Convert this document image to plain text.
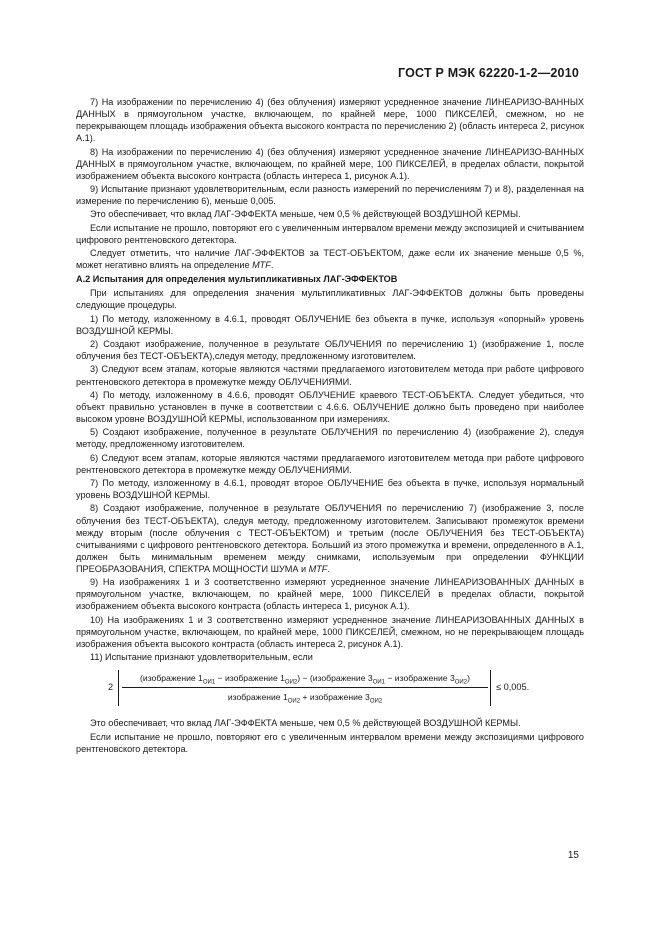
ГОСТ Р МЭК 62220-1-2—2010

7) На изображении по перечислению 4) (без облучения) измеряют усредненное значение ЛИНЕАРИЗО-ВАННЫХ ДАННЫХ в прямоугольном участке, включающем, по крайней мере, 1000 ПИКСЕЛЕЙ, смежном, но не перекрывающем площадь изображения объекта высокого контраста по перечислению 2) (область интереса 2, рисунок А.1).

8) На изображении по перечислению 4) (без облучения) измеряют усредненное значение ЛИНЕАРИЗО-ВАННЫХ ДАННЫХ в прямоугольном участке, включающем, по крайней мере, 100 ПИКСЕЛЕЙ, в пределах области, покрытой изображением объекта высокого контраста (область интереса 1, рисунок А.1).

9) Испытание признают удовлетворительным, если разность измерений по перечислениям 7) и 8), разделенная на измерение по перечислению 6), меньше 0,005.

Это обеспечивает, что вклад ЛАГ-ЭФФЕКТА меньше, чем 0,5 % действующей ВОЗДУШНОЙ КЕРМЫ.

Если испытание не прошло, повторяют его с увеличенным интервалом времени между экспозицией и считыванием цифрового рентгеновского детектора.

Следует отметить, что наличие ЛАГ-ЭФФЕКТОВ за ТЕСТ-ОБЪЕКТОМ, даже если их значение меньше 0,5 %, может негативно влиять на определение MTF.

А.2 Испытания для определения мультипликативных ЛАГ-ЭФФЕКТОВ

При испытаниях для определения значения мультипликативных ЛАГ-ЭФФЕКТОВ должны быть проведены следующие процедуры.

1) По методу, изложенному в 4.6.1, проводят ОБЛУЧЕНИЕ без объекта в пучке, используя «опорный» уровень ВОЗДУШНОЙ КЕРМЫ.

2) Создают изображение, полученное в результате ОБЛУЧЕНИЯ по перечислению 1) (изображение 1, после облучения без ТЕСТ-ОБЪЕКТА),следуя методу, предложенному изготовителем.

3) Следуют всем этапам, которые являются частями предлагаемого изготовителем метода при работе цифрового рентгеновского детектора в промежутке между ОБЛУЧЕНИЯМИ.

4) По методу, изложенному в 4.6.6, проводят ОБЛУЧЕНИЕ краевого ТЕСТ-ОБЪЕКТА. Следует убедиться, что объект правильно установлен в пучке в соответствии с 4.6.6. ОБЛУЧЕНИЕ должно быть проведено при наиболее высоком уровне ВОЗДУШНОЙ КЕРМЫ, использованном при измерениях.

5) Создают изображение, полученное в результате ОБЛУЧЕНИЯ по перечислению 4) (изображение 2), следуя методу, предложенному изготовителем.

6) Следуют всем этапам, которые являются частями предлагаемого изготовителем метода при работе цифрового рентгеновского детектора в промежутке между ОБЛУЧЕНИЯМИ.

7) По методу, изложенному в 4.6.1, проводят второе ОБЛУЧЕНИЕ без объекта в пучке, используя нормальный уровень ВОЗДУШНОЙ КЕРМЫ.

8) Создают изображение, полученное в результате ОБЛУЧЕНИЯ по перечислению 7) (изображение 3, после облучения без ТЕСТ-ОБЪЕКТА), следуя методу, предложенному изготовителем. Записывают промежуток времени между вторым (после облучения с ТЕСТ-ОБЪЕКТОМ) и третьим (после ОБЛУЧЕНИЯ без ТЕСТ-ОБЪЕКТА) считываниями с цифрового рентгеновского детектора. Больший из этого промежутка и времени, определенного в А.1, должен быть минимальным временем между снимками, используемым при определении ФУНКЦИИ ПРЕОБРАЗОВАНИЯ, СПЕКТРА МОЩНОСТИ ШУМА и MTF.

9) На изображениях 1 и 3 соответственно измеряют усредненное значение ЛИНЕАРИЗОВАННЫХ ДАННЫХ в прямоугольном участке, включающем, по крайней мере, 1000 ПИКСЕЛЕЙ в пределах области, покрытой изображением объекта высокого контраста (область интереса 1, рисунок А.1).

10) На изображениях 1 и 3 соответственно измеряют усредненное значение ЛИНЕАРИЗОВАННЫХ ДАННЫХ в прямоугольном участке, включающем, по крайней мере, 1000 ПИКСЕЛЕЙ, смежном, но не перекрывающем площадь изображения объекта высокого контраста (область интереса 2, рисунок А.1).

11) Испытание признают удовлетворительным, если

2
(изображение $1_{ОИ1}$ − изображение $1_{ОИ2}$) − (изображение $3_{ОИ1}$ − изображение $3_{ОИ2}$)
изображение $1_{ОИ2}$ + изображение $3_{ОИ2}$
≤ 0,005.

Это обеспечивает, что вклад ЛАГ-ЭФФЕКТА меньше, чем 0,5 % действующей ВОЗДУШНОЙ КЕРМЫ.

Если испытание не прошло, повторяют его с увеличенным интервалом времени между экспозициями цифрового рентгеновского детектора.

15
